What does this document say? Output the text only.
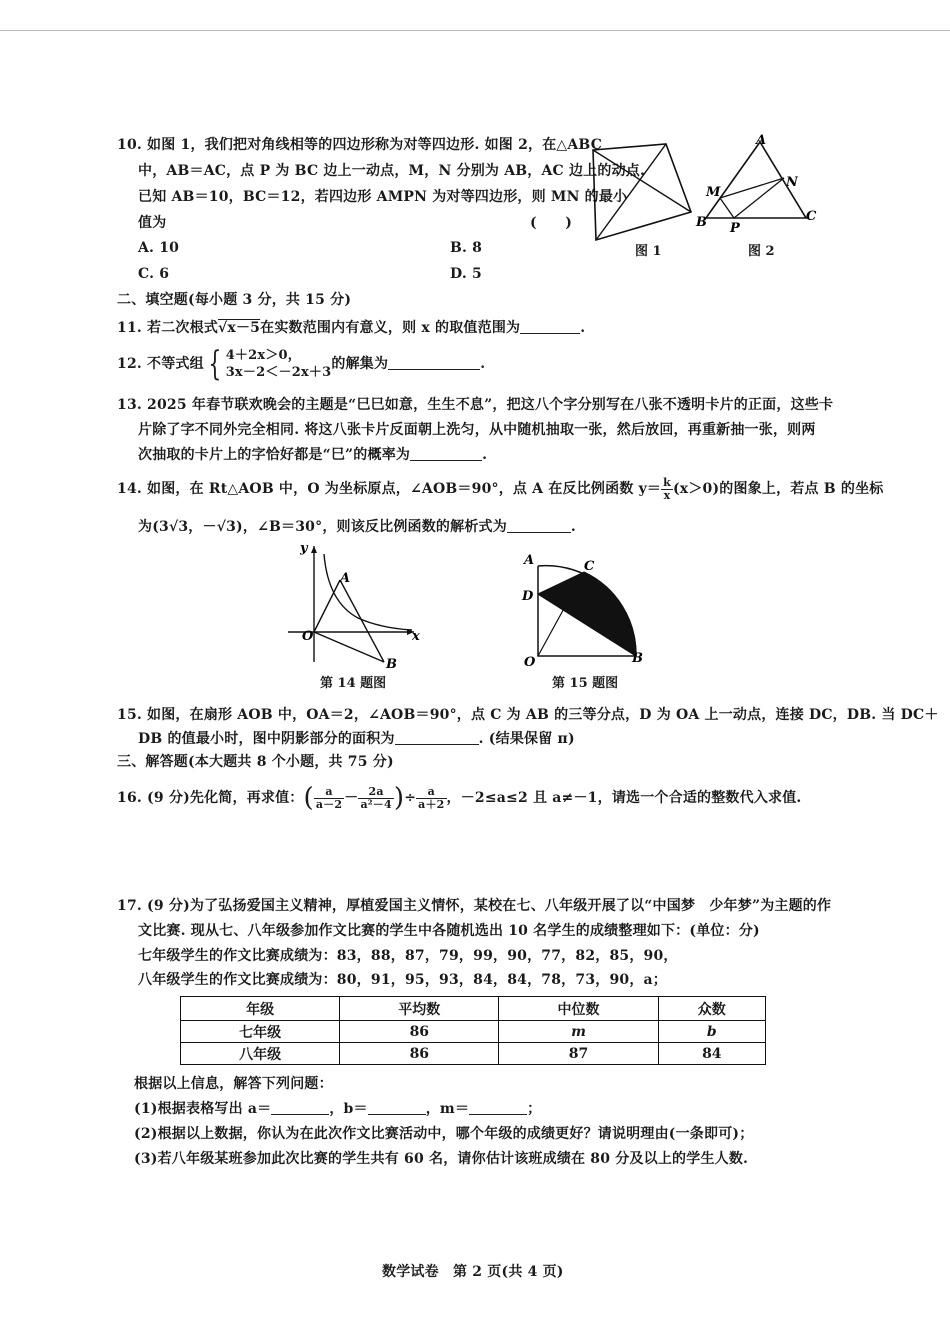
10. 如图 1，我们把对角线相等的四边形称为对等四边形. 如图 2，在△ABC
中，AB＝AC，点 P 为 BC 边上一动点，M，N 分别为 AB，AC 边上的动点.
已知 AB＝10，BC＝12，若四边形 AMPN 为对等四边形，则 MN 的最小
值为	(　　)
A. 10	B. 8
C. 6	D. 5
图 1
A
M
N
B P
C
图 2
二、填空题(每小题 3 分，共 15 分)
11. 若二次根式√x－5在实数范围内有意义，则 x 的取值范围为	.
12. 不等式组 { 4＋2x＞0，
3x－2＜－2x＋3
的解集为	.
13. 2025 年春节联欢晚会的主题是“巳巳如意，生生不息”，把这八个字分别写在八张不透明卡片的正面，这些卡
片除了字不同外完全相同. 将这八张卡片反面朝上洗匀，从中随机抽取一张，然后放回，再重新抽一张，则两
次抽取的卡片上的字恰好都是“巳”的概率为	.
14. 如图，在 Rt△AOB 中，O 为坐标原点，∠AOB＝90°，点 A 在反比例函数 $y= \frac{k}{x} (x>0)$的图象上，若点 B 的坐标
为(3√3，－√3)，∠B＝30°，则该反比例函数的解析式为	.
y
A
O	x
B
第 14 题图
A	C
D
O	B
第 15 题图
15. 如图，在扇形 AOB 中，OA＝2，∠AOB＝90°，点 C 为 AB 的三等分点，D 为 OA 上一动点，连接 DC，DB. 当 DC＋
DB 的值最小时，图中阴影部分的面积为	. (结果保留 π)
三、解答题(本大题共 8 个小题，共 75 分)
16. (9 分)先化简，再求值：( $\frac{a}{a-2} - \frac{2a}{\text{a²－4}}$ )÷ $\frac{a}{a+2}$ ，－2≤a≤2 且 a≠－1，请选一个合适的整数代入求值.
17. (9 分)为了弘扬爱国主义精神，厚植爱国主义情怀，某校在七、八年级开展了以“中国梦　少年梦”为主题的作
文比赛. 现从七、八年级参加作文比赛的学生中各随机选出 10 名学生的成绩整理如下：(单位：分)
七年级学生的作文比赛成绩为：83，88，87，79，99，90，77，82，85，90，
八年级学生的作文比赛成绩为：80，91，95，93，84，84，78，73，90，a；
年级	平均数	中位数	众数
七年级	86	m	b
八年级	86	87	84
根据以上信息，解答下列问题：
(1)根据表格写出 a＝	，b＝	，m＝	；
(2)根据以上数据，你认为在此次作文比赛活动中，哪个年级的成绩更好？请说明理由(一条即可)；
(3)若八年级某班参加此次比赛的学生共有 60 名，请你估计该班成绩在 80 分及以上的学生人数.
数学试卷　第 2 页(共 4 页)
